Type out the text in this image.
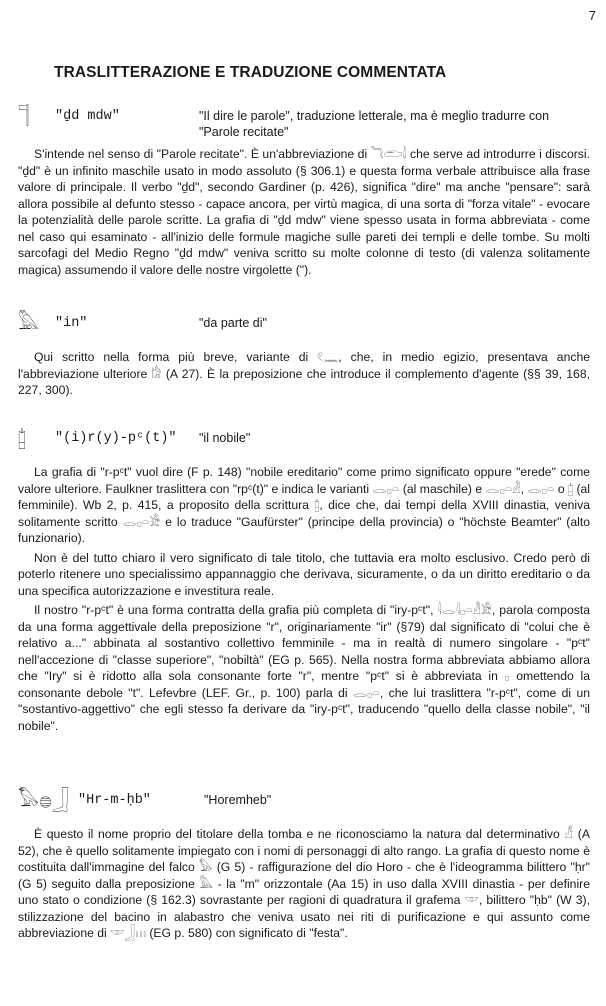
7
TRASLITTERAZIONE E TRADUZIONE COMMENTATA
𓊹 "ḏd mdw"	"Il dire le parole", traduzione letterale, ma è meglio tradurre con "Parole recitate"

S'intende nel senso di "Parole recitate". È un'abbreviazione di 𓆓𓂧𓌃 che serve ad introdurre i discorsi. "ḏd" è un infinito maschile usato in modo assoluto (§ 306.1) e questa forma verbale attribuisce alla frase valore di principale. Il verbo "ḏd", secondo Gardiner (p. 426), significa "dire" ma anche "pensare": sarà allora possibile al defunto stesso - capace ancora, per virtù magica, di una sorta di "forza vitale" - evocare la potenzialità delle parole scritte. La grafia di "ḏd mdw" viene spesso usata in forma abbreviata - come nel caso qui esaminato - all'inizio delle formule magiche sulle pareti dei templi e delle tombe. Su molti sarcofagi del Medio Regno "ḏd mdw" veniva scritto su molte colonne di testo (di valenza solitamente magica) assumendo il valore delle nostre virgolette (").

𓅓 "in"	"da parte di"

Qui scritto nella forma più breve, variante di 𓏲𓈖, che, in medio egizio, presentava anche l'abbreviazione ulteriore 𓀗 (A 27). È la preposizione che introduce il complemento d'agente (§§ 39, 168, 227, 300).

𓉺 "(i)r(y)-pᶜ(t)" "il nobile"

La grafia di "r-pᶜt" vuol dire (F p. 148) "nobile ereditario" come primo significato oppure "erede" come valore ulteriore. Faulkner traslittera con "rpᶜ(t)" e indica le varianti 𓂋𓊪𓏏 (al maschile) e 𓂋𓊪𓏏𓁐, 𓂋𓊪𓏏 o 𓉺 (al femminile). Wb 2, p. 415, a proposito della scrittura 𓉺, dice che, dai tempi della XVIII dinastia, veniva solitamente scritto 𓂋𓊪𓏏𓀀 e lo traduce "Gaufürster" (principe della provincia) o "höchste Beamter" (alto funzionario).

Non è del tutto chiaro il vero significato di tale titolo, che tuttavia era molto esclusivo. Credo però di poterlo ritenere uno specialissimo appannaggio che derivava, sicuramente, o da un diritto ereditario o da una specifica autorizzazione e investitura reale.

Il nostro "r-pᶜt" è una forma contratta della grafia più completa di "iry-pᶜt", 𓇋𓂋𓇋𓊪𓏏𓁐𓀀, parola composta da una forma aggettivale della preposizione "r", originariamente "ir" (§79) dal significato di "colui che è relativo a..." abbinata al sostantivo collettivo femminile - ma in realtà di numero singolare - "pᶜt" nell'accezione di "classe superiore", "nobiltà" (EG p. 565). Nella nostra forma abbreviata abbiamo allora che "Iry" si è ridotto alla sola consonante forte "r", mentre "pᶜt" si è abbreviata in 𓊪 omettendo la consonante debole "t". Lefevbre (LEF. Gr., p. 100) parla di 𓂋𓊪𓏏, che lui traslittera "r-pᶜt", come di un "sostantivo-aggettivo" che egli stesso fa derivare da "iry-pᶜt", traducendo "quello della classe nobile", "il nobile".

𓅃𓐍𓃀 "Hr-m-ḥb"	"Horemheb"

È questo il nome proprio del titolare della tomba e ne riconosciamo la natura dal determinativo 𓀭 (A 52), che è quello solitamente impiegato con i nomi di personaggi di alto rango. La grafia di questo nome è costituita dall'immagine del falco 𓅃 (G 5) - raffigurazione del dio Horo - che è l'ideogramma bilittero "ḥr" (G 5) seguito dalla preposizione 𓅓 - la "m" orizzontale (Aa 15) in uso dalla XVIII dinastia - per definire uno stato o condizione (§ 162.3) sovrastante per ragioni di quadratura il grafema 𓎱, bilittero "ḥb" (W 3), stilizzazione del bacino in alabastro che veniva usato nei riti di purificazione e qui assunto come abbreviazione di 𓎱𓃀𓏥 (EG p. 580) con significato di "festa".
